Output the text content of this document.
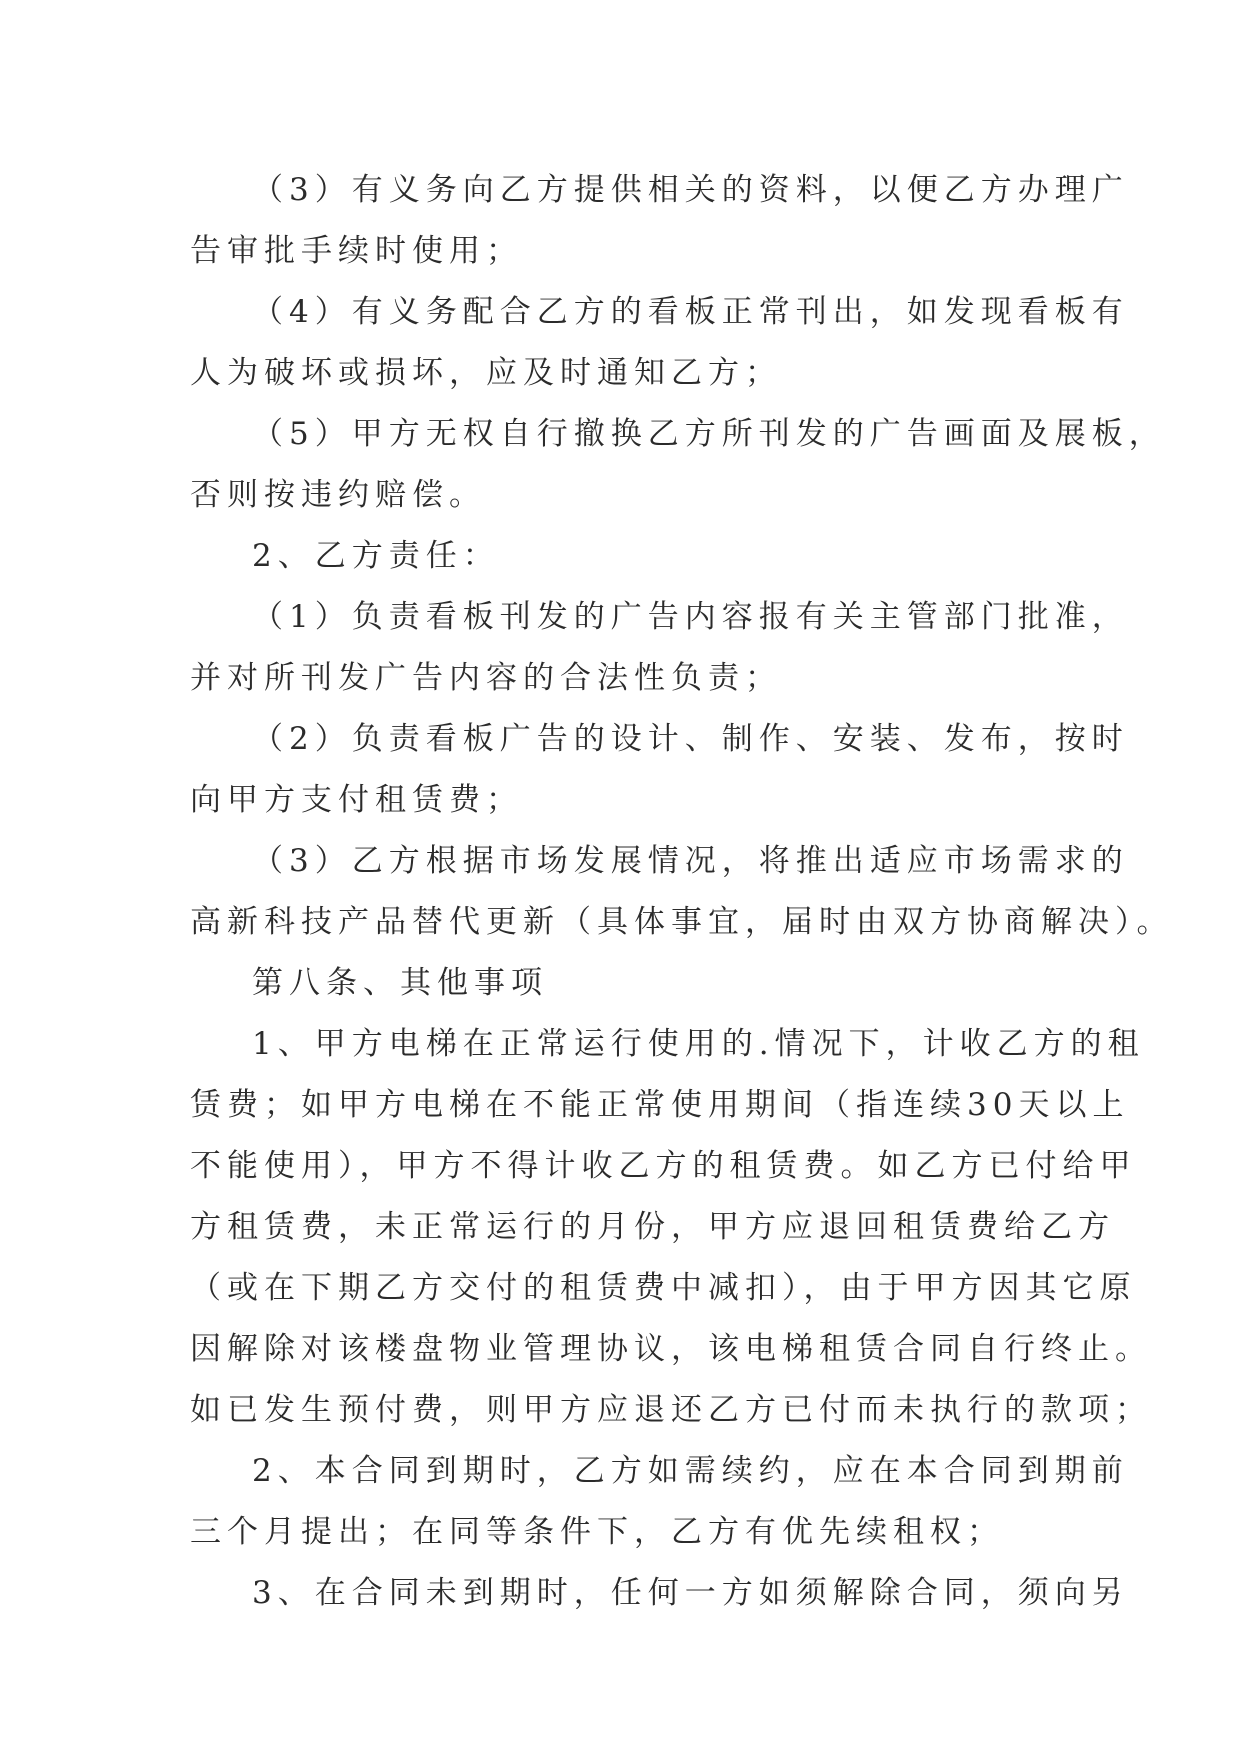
（3）有义务向乙方提供相关的资料，以便乙方办理广
告审批手续时使用；
（4）有义务配合乙方的看板正常刊出，如发现看板有
人为破坏或损坏，应及时通知乙方；
（5）甲方无权自行撤换乙方所刊发的广告画面及展板，
否则按违约赔偿。
2、乙方责任：
（1）负责看板刊发的广告内容报有关主管部门批准，
并对所刊发广告内容的合法性负责；
（2）负责看板广告的设计、制作、安装、发布，按时
向甲方支付租赁费；
（3）乙方根据市场发展情况，将推出适应市场需求的
高新科技产品替代更新（具体事宜，届时由双方协商解决）。
第八条、其他事项
1、甲方电梯在正常运行使用的.情况下，计收乙方的租
赁费；如甲方电梯在不能正常使用期间（指连续30天以上
不能使用），甲方不得计收乙方的租赁费。如乙方已付给甲
方租赁费，未正常运行的月份，甲方应退回租赁费给乙方
（或在下期乙方交付的租赁费中减扣），由于甲方因其它原
因解除对该楼盘物业管理协议，该电梯租赁合同自行终止。
如已发生预付费，则甲方应退还乙方已付而未执行的款项；
2、本合同到期时，乙方如需续约，应在本合同到期前
三个月提出；在同等条件下，乙方有优先续租权；
3、在合同未到期时，任何一方如须解除合同，须向另
